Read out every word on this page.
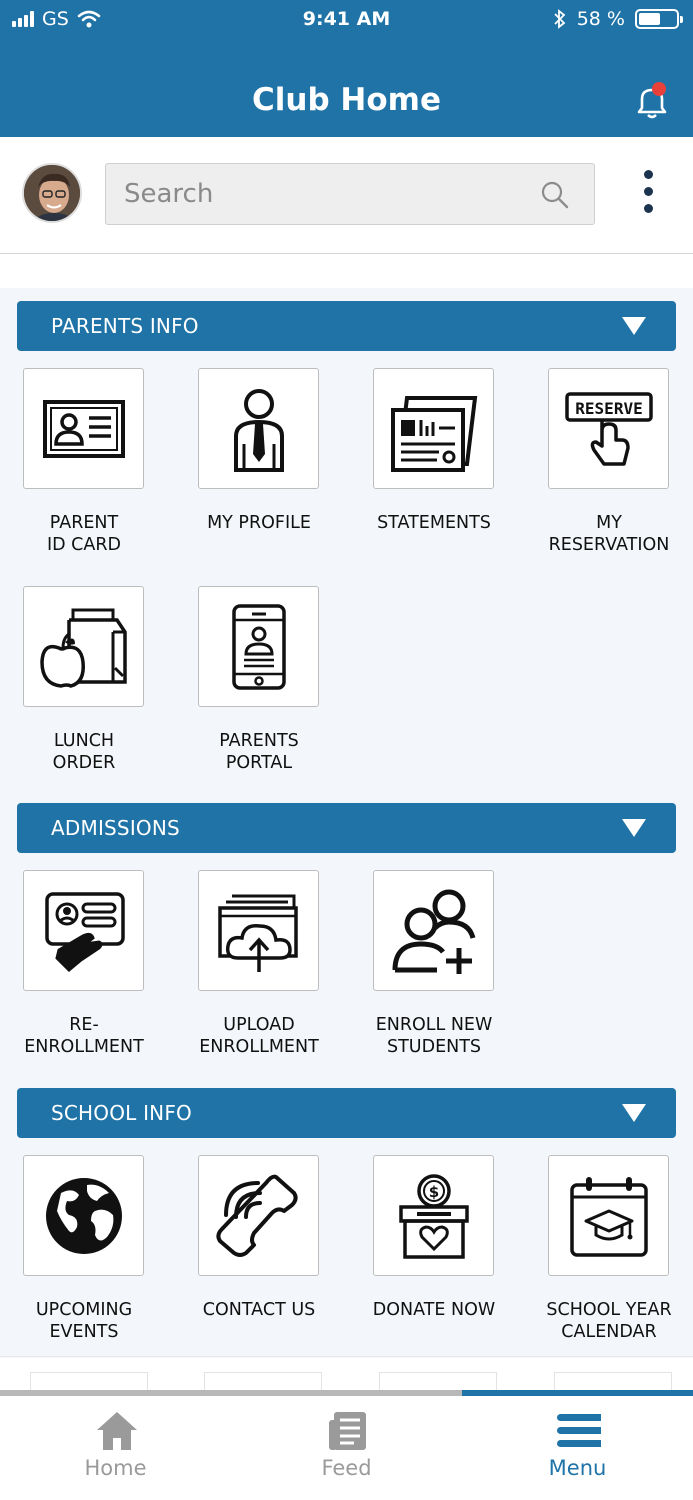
GS	9:41 AM	58 %
Club Home
Search
PARENTS INFO
PARENT
ID CARD
MY PROFILE	STATEMENTS
RESERVE
MY
RESERVATION
LUNCH
ORDER
PARENTS
PORTAL
ADMISSIONS
RE-
ENROLLMENT
UPLOAD
ENROLLMENT
ENROLL NEW
STUDENTS
SCHOOL INFO
UPCOMING
EVENTS
CONTACT US
$
DONATE NOW	SCHOOL YEAR
CALENDAR
Home	Feed	Menu
